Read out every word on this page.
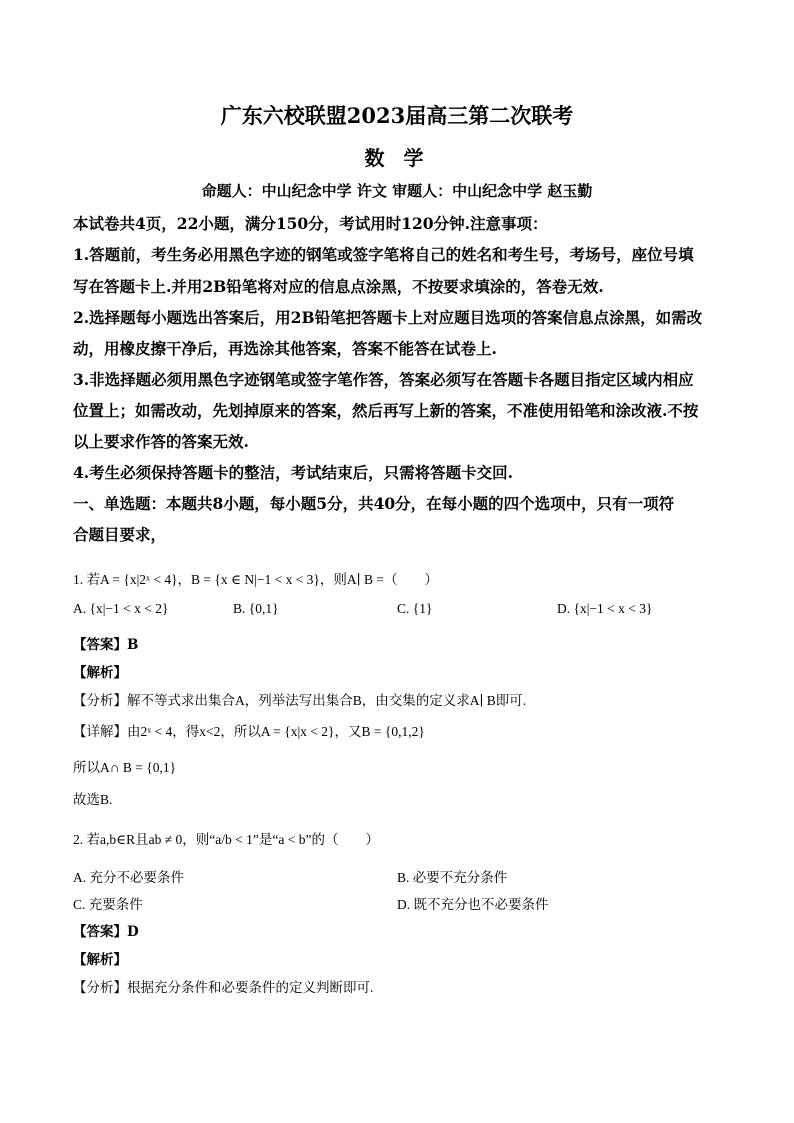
广东六校联盟2023届高三第二次联考
数 学
命题人：中山纪念中学 许文 审题人：中山纪念中学 赵玉勤
本试卷共4页，22小题，满分150分，考试用时120分钟.注意事项：
1.答题前，考生务必用黑色字迹的钢笔或签字笔将自己的姓名和考生号，考场号，座位号填
写在答题卡上.并用2B铅笔将对应的信息点涂黑，不按要求填涂的，答卷无效.
2.选择题每小题选出答案后，用2B铅笔把答题卡上对应题目选项的答案信息点涂黑，如需改
动，用橡皮擦干净后，再选涂其他答案，答案不能答在试卷上.
3.非选择题必须用黑色字迹钢笔或签字笔作答，答案必须写在答题卡各题目指定区域内相应
位置上；如需改动，先划掉原来的答案，然后再写上新的答案，不准使用铅笔和涂改液.不按
以上要求作答的答案无效.
4.考生必须保持答题卡的整洁，考试结束后，只需将答题卡交回.
一、单选题：本题共8小题，每小题5分，共40分，在每小题的四个选项中，只有一项符
合题目要求，
1. 若A = {x|2ˣ < 4}，B = {x ∈ N|−1 < x < 3}，则A∣ B =（　　）
A. {x|−1 < x < 2}	B. {0,1}	C. {1}	D. {x|−1 < x < 3}
【答案】B
【解析】
【分析】解不等式求出集合A，列举法写出集合B，由交集的定义求A∣ B即可.
【详解】由2ˣ < 4，得x<2，所以A = {x|x < 2}，又B = {0,1,2}
所以A∩ B = {0,1}
故选B.
2. 若a,b∈R且ab ≠ 0，则“a/b < 1”是“a < b”的（　　）
A. 充分不必要条件	B. 必要不充分条件
C. 充要条件	D. 既不充分也不必要条件
【答案】D
【解析】
【分析】根据充分条件和必要条件的定义判断即可.
